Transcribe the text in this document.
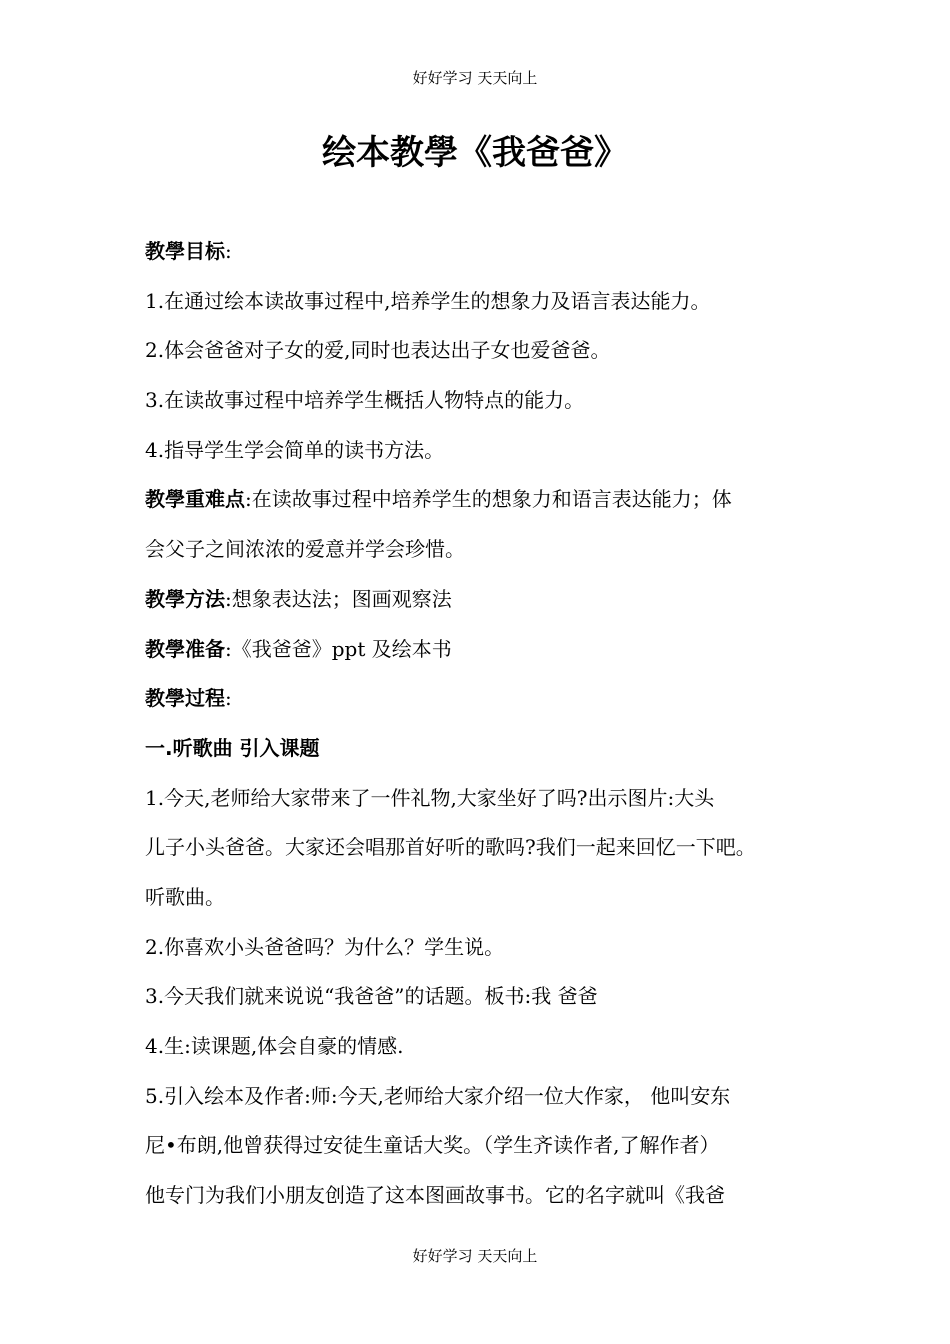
好好学习 天天向上
绘本教學《我爸爸》
教學目标:
1.在通过绘本读故事过程中,培养学生的想象力及语言表达能力。
2.体会爸爸对子女的爱,同时也表达出子女也爱爸爸。
3.在读故事过程中培养学生概括人物特点的能力。
4.指导学生学会简单的读书方法。
教學重难点:在读故事过程中培养学生的想象力和语言表达能力；体
会父子之间浓浓的爱意并学会珍惜。
教學方法:想象表达法；图画观察法
教學准备:《我爸爸》ppt 及绘本书
教學过程:
一.听歌曲 引入课题
1.今天,老师给大家带来了一件礼物,大家坐好了吗?出示图片:大头
儿子小头爸爸。大家还会唱那首好听的歌吗?我们一起来回忆一下吧。
听歌曲。
2.你喜欢小头爸爸吗？为什么？学生说。
3.今天我们就来说说“我爸爸”的话题。板书:我 爸爸
4.生:读课题,体会自豪的情感.
5.引入绘本及作者:师:今天,老师给大家介绍一位大作家， 他叫安东
尼•布朗,他曾获得过安徒生童话大奖。（学生齐读作者,了解作者）
他专门为我们小朋友创造了这本图画故事书。它的名字就叫《我爸
好好学习 天天向上
